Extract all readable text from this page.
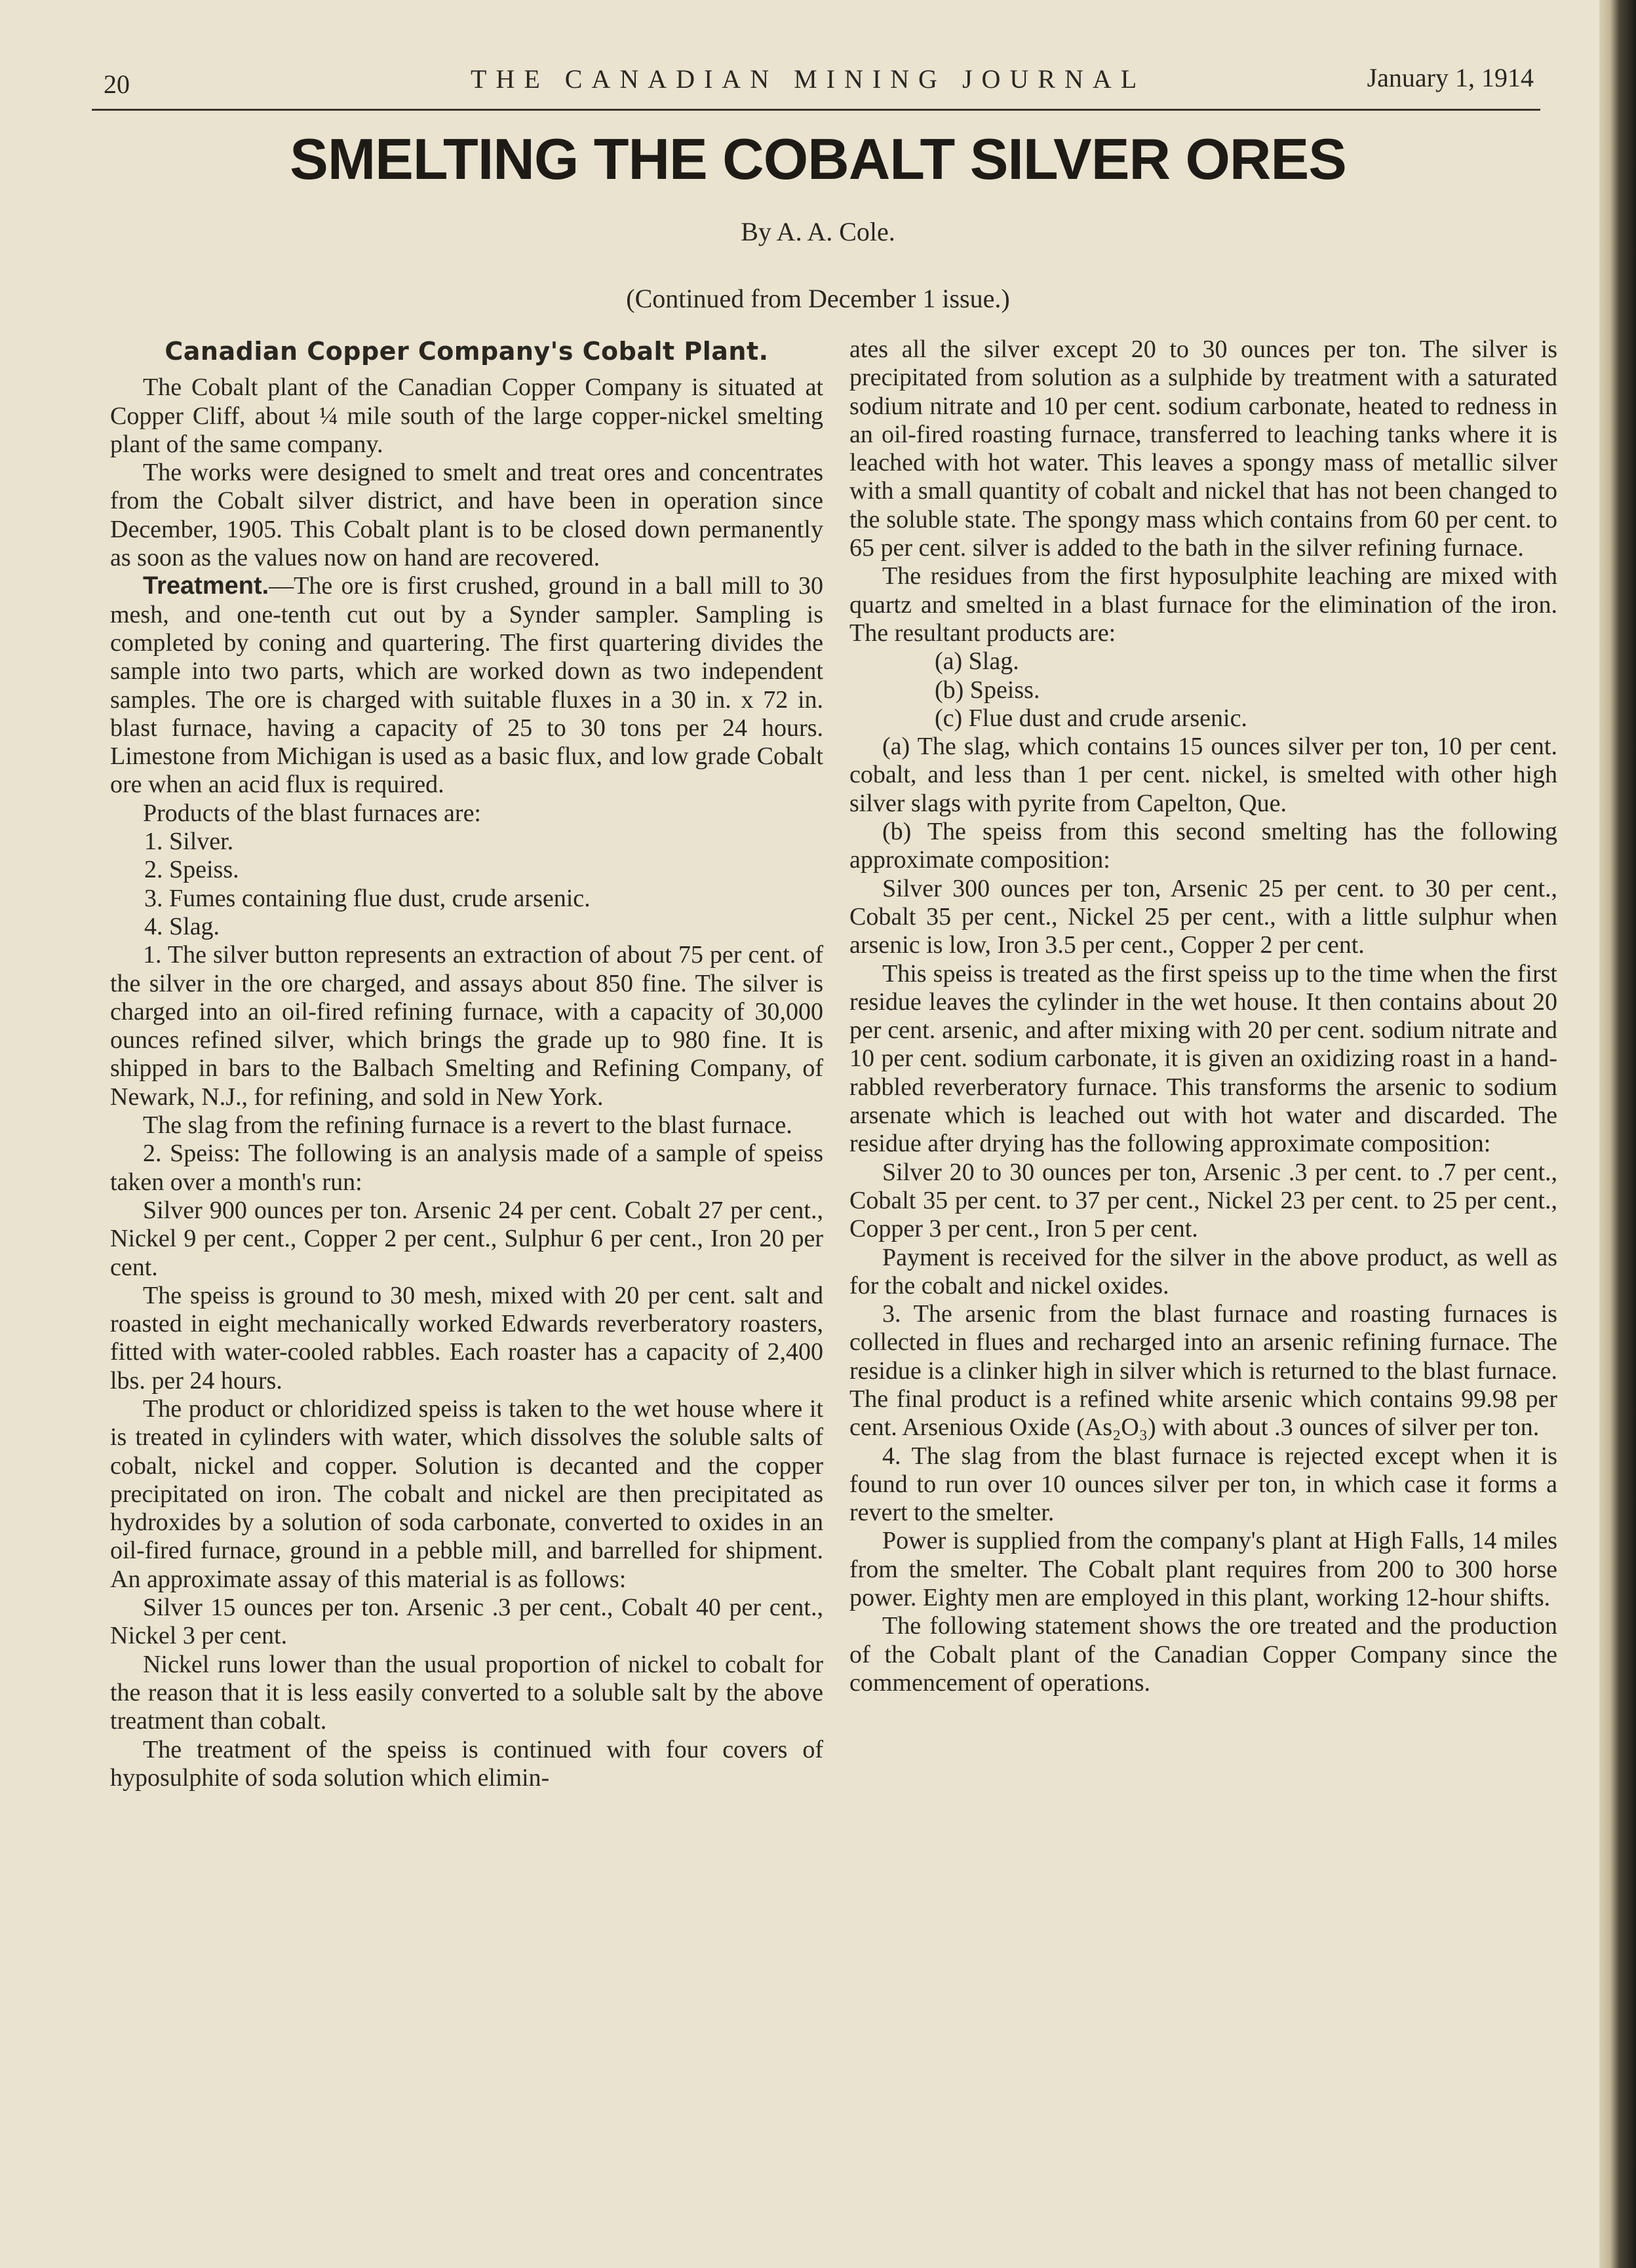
20	THE CANADIAN MINING JOURNAL	January 1, 1914
SMELTING THE COBALT SILVER ORES
By A. A. Cole.
(Continued from December 1 issue.)
Canadian Copper Company's Cobalt Plant.

The Cobalt plant of the Canadian Copper Company is situated at Copper Cliff, about ¼ mile south of the large copper-nickel smelting plant of the same company.

The works were designed to smelt and treat ores and concentrates from the Cobalt silver district, and have been in operation since December, 1905. This Cobalt plant is to be closed down permanently as soon as the values now on hand are recovered.

Treatment.—The ore is first crushed, ground in a ball mill to 30 mesh, and one-tenth cut out by a Synder sampler. Sampling is completed by coning and quartering. The first quartering divides the sample into two parts, which are worked down as two independent samples. The ore is charged with suitable fluxes in a 30 in. x 72 in. blast furnace, having a capacity of 25 to 30 tons per 24 hours. Limestone from Michigan is used as a basic flux, and low grade Cobalt ore when an acid flux is required.

Products of the blast furnaces are:

1. Silver.

2. Speiss.

3. Fumes containing flue dust, crude arsenic.

4. Slag.

1. The silver button represents an extraction of about 75 per cent. of the silver in the ore charged, and assays about 850 fine. The silver is charged into an oil-fired refining furnace, with a capacity of 30,000 ounces refined silver, which brings the grade up to 980 fine. It is shipped in bars to the Balbach Smelting and Refining Company, of Newark, N.J., for refining, and sold in New York.

The slag from the refining furnace is a revert to the blast furnace.

2. Speiss: The following is an analysis made of a sample of speiss taken over a month's run:

Silver 900 ounces per ton. Arsenic 24 per cent. Cobalt 27 per cent., Nickel 9 per cent., Copper 2 per cent., Sulphur 6 per cent., Iron 20 per cent.

The speiss is ground to 30 mesh, mixed with 20 per cent. salt and roasted in eight mechanically worked Edwards reverberatory roasters, fitted with water-cooled rabbles. Each roaster has a capacity of 2,400 lbs. per 24 hours.

The product or chloridized speiss is taken to the wet house where it is treated in cylinders with water, which dissolves the soluble salts of cobalt, nickel and copper. Solution is decanted and the copper precipitated on iron. The cobalt and nickel are then precipitated as hydroxides by a solution of soda carbonate, converted to oxides in an oil-fired furnace, ground in a pebble mill, and barrelled for shipment. An approximate assay of this material is as follows:

Silver 15 ounces per ton. Arsenic .3 per cent., Cobalt 40 per cent., Nickel 3 per cent.

Nickel runs lower than the usual proportion of nickel to cobalt for the reason that it is less easily converted to a soluble salt by the above treatment than cobalt.

The treatment of the speiss is continued with four covers of hyposulphite of soda solution which elimin-

ates all the silver except 20 to 30 ounces per ton. The silver is precipitated from solution as a sulphide by treatment with a saturated sodium nitrate and 10 per cent. sodium carbonate, heated to redness in an oil-fired roasting furnace, transferred to leaching tanks where it is leached with hot water. This leaves a spongy mass of metallic silver with a small quantity of cobalt and nickel that has not been changed to the soluble state. The spongy mass which contains from 60 per cent. to 65 per cent. silver is added to the bath in the silver refining furnace.

The residues from the first hyposulphite leaching are mixed with quartz and smelted in a blast furnace for the elimination of the iron. The resultant products are:

(a) Slag.

(b) Speiss.

(c) Flue dust and crude arsenic.

(a) The slag, which contains 15 ounces silver per ton, 10 per cent. cobalt, and less than 1 per cent. nickel, is smelted with other high silver slags with pyrite from Capelton, Que.

(b) The speiss from this second smelting has the following approximate composition:

Silver 300 ounces per ton, Arsenic 25 per cent. to 30 per cent., Cobalt 35 per cent., Nickel 25 per cent., with a little sulphur when arsenic is low, Iron 3.5 per cent., Copper 2 per cent.

This speiss is treated as the first speiss up to the time when the first residue leaves the cylinder in the wet house. It then contains about 20 per cent. arsenic, and after mixing with 20 per cent. sodium nitrate and 10 per cent. sodium carbonate, it is given an oxidizing roast in a hand-rabbled reverberatory furnace. This transforms the arsenic to sodium arsenate which is leached out with hot water and discarded. The residue after drying has the following approximate composition:

Silver 20 to 30 ounces per ton, Arsenic .3 per cent. to .7 per cent., Cobalt 35 per cent. to 37 per cent., Nickel 23 per cent. to 25 per cent., Copper 3 per cent., Iron 5 per cent.

Payment is received for the silver in the above product, as well as for the cobalt and nickel oxides.

3. The arsenic from the blast furnace and roasting furnaces is collected in flues and recharged into an arsenic refining furnace. The residue is a clinker high in silver which is returned to the blast furnace. The final product is a refined white arsenic which contains 99.98 per cent. Arsenious Oxide (As₂O₃) with about .3 ounces of silver per ton.

4. The slag from the blast furnace is rejected except when it is found to run over 10 ounces silver per ton, in which case it forms a revert to the smelter.

Power is supplied from the company's plant at High Falls, 14 miles from the smelter. The Cobalt plant requires from 200 to 300 horse power. Eighty men are employed in this plant, working 12-hour shifts.

The following statement shows the ore treated and the production of the Cobalt plant of the Canadian Copper Company since the commencement of operations.
